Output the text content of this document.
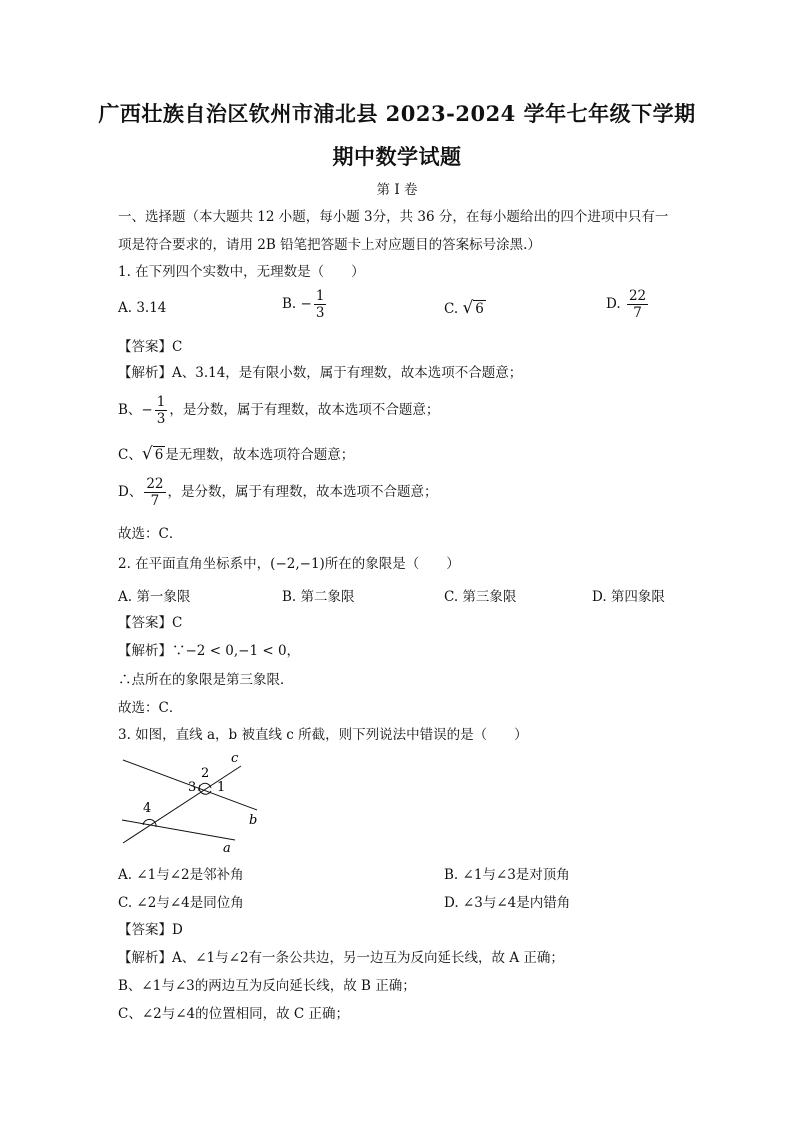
广西壮族自治区钦州市浦北县 2023-2024 学年七年级下学期
期中数学试题
第 I 卷
一、选择题（本大题共 12 小题，每小题 3分，共 36 分，在每小题给出的四个进项中只有一
项是符合要求的，请用 2B 铅笔把答题卡上对应题目的答案标号涂黑.）
1. 在下列四个实数中，无理数是（　　）
A. 3.14	B. − $\frac{1}{3}$	C. √ 6	D. $\frac{22}{7}$
【答案】C
【解析】A、3.14，是有限小数，属于有理数，故本选项不合题意；
B、− $\frac{1}{3}$ ，是分数，属于有理数，故本选项不合题意；
C、√ 6 是无理数，故本选项符合题意；
D、 $\frac{22}{7}$ ，是分数，属于有理数，故本选项不合题意；
故选：C．
2. 在平面直角坐标系中，(−2,−1)所在的象限是（　　）
A. 第一象限	B. 第二象限	C. 第三象限	D. 第四象限
【答案】C
【解析】∵−2 < 0,−1 < 0，
∴点所在的象限是第三象限．
故选：C．
3. 如图，直线 a，b 被直线 c 所截，则下列说法中错误的是（　　）
c
b
a
2
3 1
4
A. ∠1与∠2是邻补角	B. ∠1与∠3是对顶角
C. ∠2与∠4是同位角	D. ∠3与∠4是内错角
【答案】D
【解析】A、∠1与∠2有一条公共边，另一边互为反向延长线，故 A 正确；
B、∠1与∠3的两边互为反向延长线，故 B 正确；
C、∠2与∠4的位置相同，故 C 正确；
